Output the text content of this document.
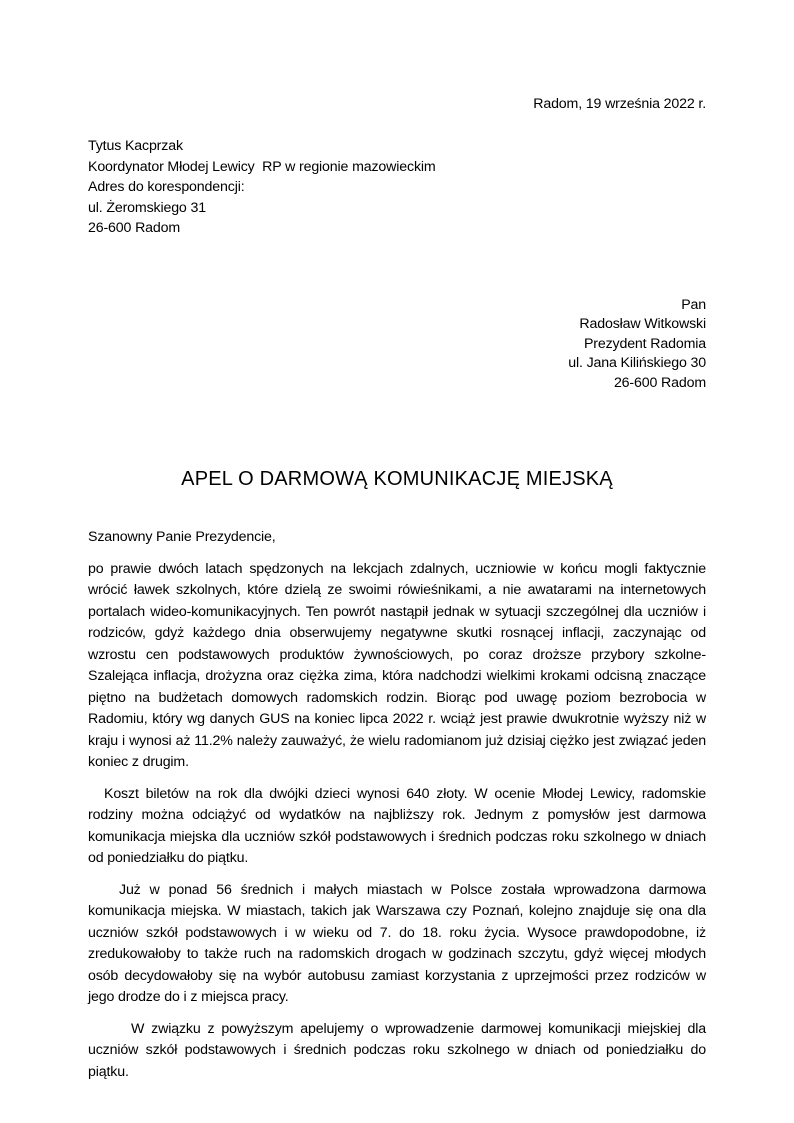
Radom, 19 września 2022 r.
Tytus Kacprzak
Koordynator Młodej Lewicy  RP w regionie mazowieckim
Adres do korespondencji:
ul. Żeromskiego 31
26-600 Radom
Pan
Radosław Witkowski
Prezydent Radomia
ul. Jana Kilińskiego 30
26-600 Radom
APEL O DARMOWĄ KOMUNIKACJĘ MIEJSKĄ
Szanowny Panie Prezydencie,
po prawie dwóch latach spędzonych na lekcjach zdalnych, uczniowie w końcu mogli faktycznie wrócić ławek szkolnych, które dzielą ze swoimi rówieśnikami, a nie awatarami na internetowych portalach wideo-komunikacyjnych. Ten powrót nastąpił jednak w sytuacji szczególnej dla uczniów i rodziców, gdyż każdego dnia obserwujemy negatywne skutki rosnącej inflacji, zaczynając od wzrostu cen podstawowych produktów żywnościowych, po coraz droższe przybory szkolne- Szalejąca inflacja, drożyzna oraz ciężka zima, która nadchodzi wielkimi krokami odcisną znaczące piętno na budżetach domowych radomskich rodzin. Biorąc pod uwagę poziom bezrobocia w Radomiu, który wg danych GUS na koniec lipca 2022 r. wciąż jest prawie dwukrotnie wyższy niż w kraju i wynosi aż 11.2% należy zauważyć, że wielu radomianom już dzisiaj ciężko jest związać jeden koniec z drugim.
Koszt biletów na rok dla dwójki dzieci wynosi 640 złoty. W ocenie Młodej Lewicy, radomskie rodziny można odciążyć od wydatków na najbliższy rok. Jednym z pomysłów jest darmowa komunikacja miejska dla uczniów szkół podstawowych i średnich podczas roku szkolnego w dniach od poniedziałku do piątku.
Już w ponad 56 średnich i małych miastach w Polsce została wprowadzona darmowa komunikacja miejska. W miastach, takich jak Warszawa czy Poznań, kolejno znajduje się ona dla uczniów szkół podstawowych i w wieku od 7. do 18. roku życia. Wysoce prawdopodobne, iż zredukowałoby to także ruch na radomskich drogach w godzinach szczytu, gdyż więcej młodych osób decydowałoby się na wybór autobusu zamiast korzystania z uprzejmości przez rodziców w jego drodze do i z miejsca pracy.
W związku z powyższym apelujemy o wprowadzenie darmowej komunikacji miejskiej dla uczniów szkół podstawowych i średnich podczas roku szkolnego w dniach od poniedziałku do piątku.
